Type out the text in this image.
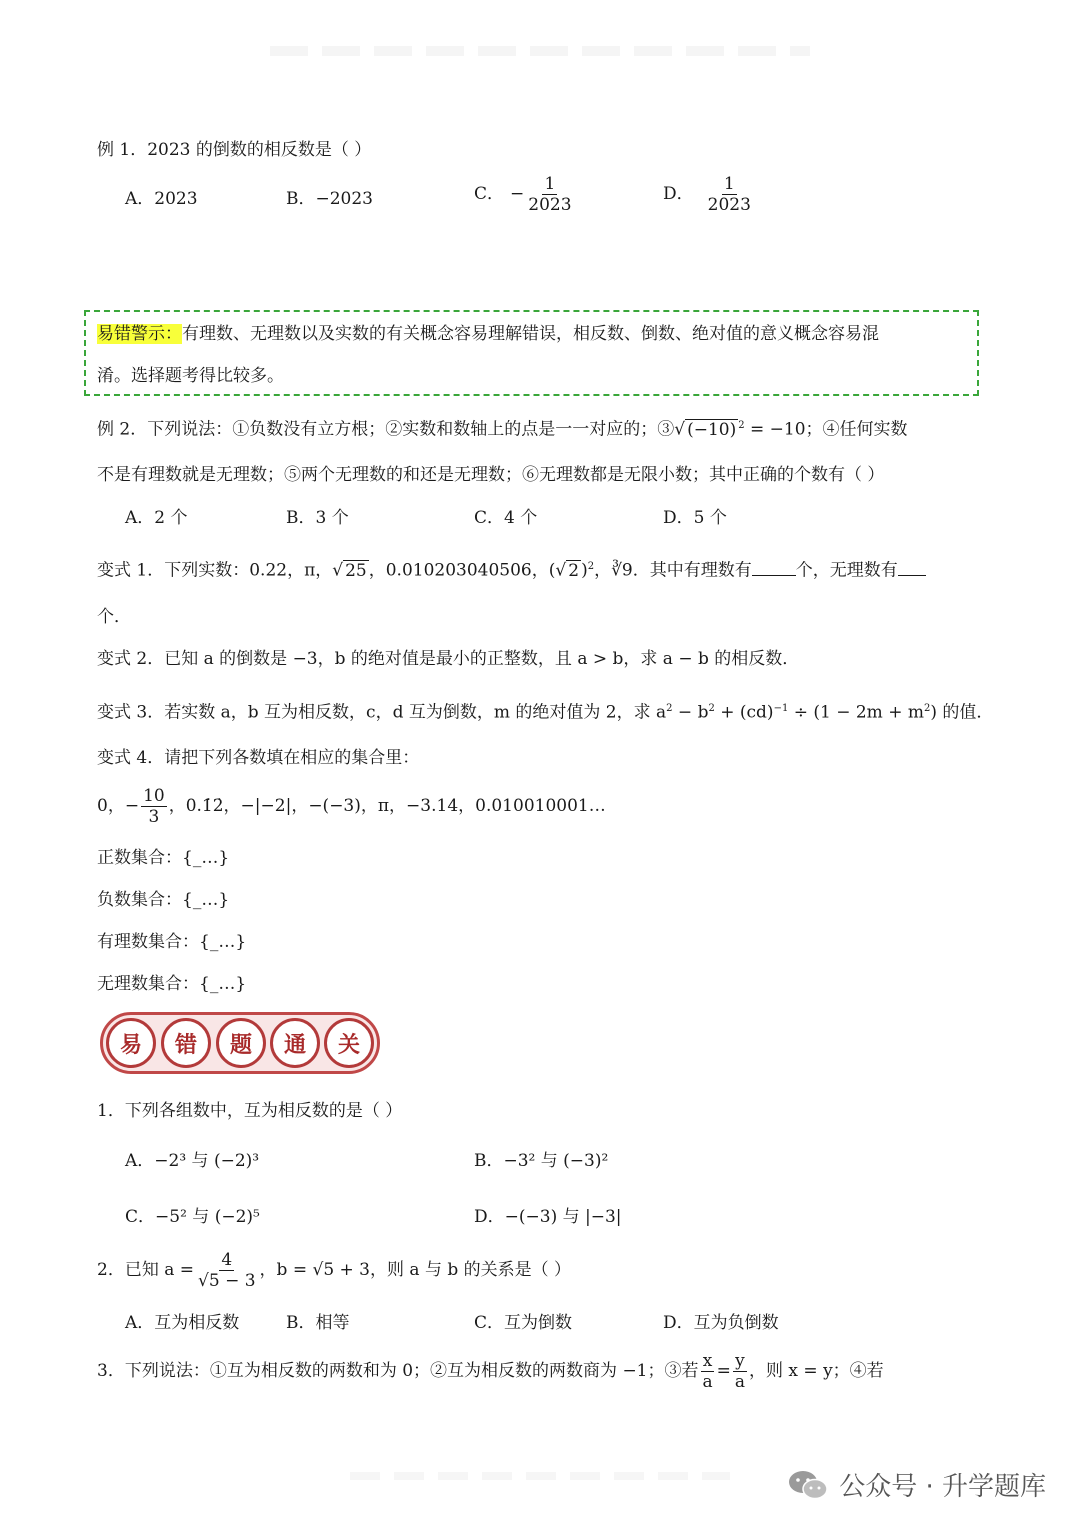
例 1．2023 的倒数的相反数是（ ）
A．2023	B．−2023	C． − $\frac{1}{2023}$	D． $\frac{1}{2023}$
易错警示：有理数、无理数以及实数的有关概念容易理解错误，相反数、倒数、绝对值的意义概念容易混
淆。选择题考得比较多。
例 2．下列说法：①负数没有立方根；②实数和数轴上的点是一一对应的；③√ (−10) $^2$ = −10；④任何实数
不是有理数就是无理数；⑤两个无理数的和还是无理数；⑥无理数都是无限小数；其中正确的个数有（ ）
A．2 个	B．3 个	C．4 个	D．5 个
变式 1．下列实数：0.22，π，√ 25 ，0.010203040506，(√ 2 )$^2$，∛9．其中有理数有	个，无理数有
个．
变式 2．已知 a 的倒数是 −3，b 的绝对值是最小的正整数，且 a > b，求 a − b 的相反数．
变式 3．若实数 a，b 互为相反数，c，d 互为倒数，m 的绝对值为 2，求 $a^2 - b^2 + (cd)^{-1} \div (1 - 2m + m^2)$ 的值．
变式 4．请把下列各数填在相应的集合里：
0，− $\frac{10}{3}$ ，0.1̇2̇，−|−2|，−(−3)，π，−3.14，0.010010001…
正数集合：{_…}
负数集合：{_…}
有理数集合：{_…}
无理数集合：{_…}
易	错	题	通	关
1．下列各组数中，互为相反数的是（ ）
A．−2³ 与 (−2)³	B．−3² 与 (−3)²
C．−5² 与 (−2)⁵	D．−(−3) 与 |−3|
2．已知 $a = \frac{4}{√5 - 3}$ ，b = √5 + 3，则 a 与 b 的关系是（ ）
A．互为相反数	B．相等	C．互为倒数	D．互为负倒数
3．下列说法：①互为相反数的两数和为 0；②互为相反数的两数商为 −1；③若 $\frac{x}{a} = \frac{y}{a}$ ，则 x = y；④若
公众号 · 升学题库
